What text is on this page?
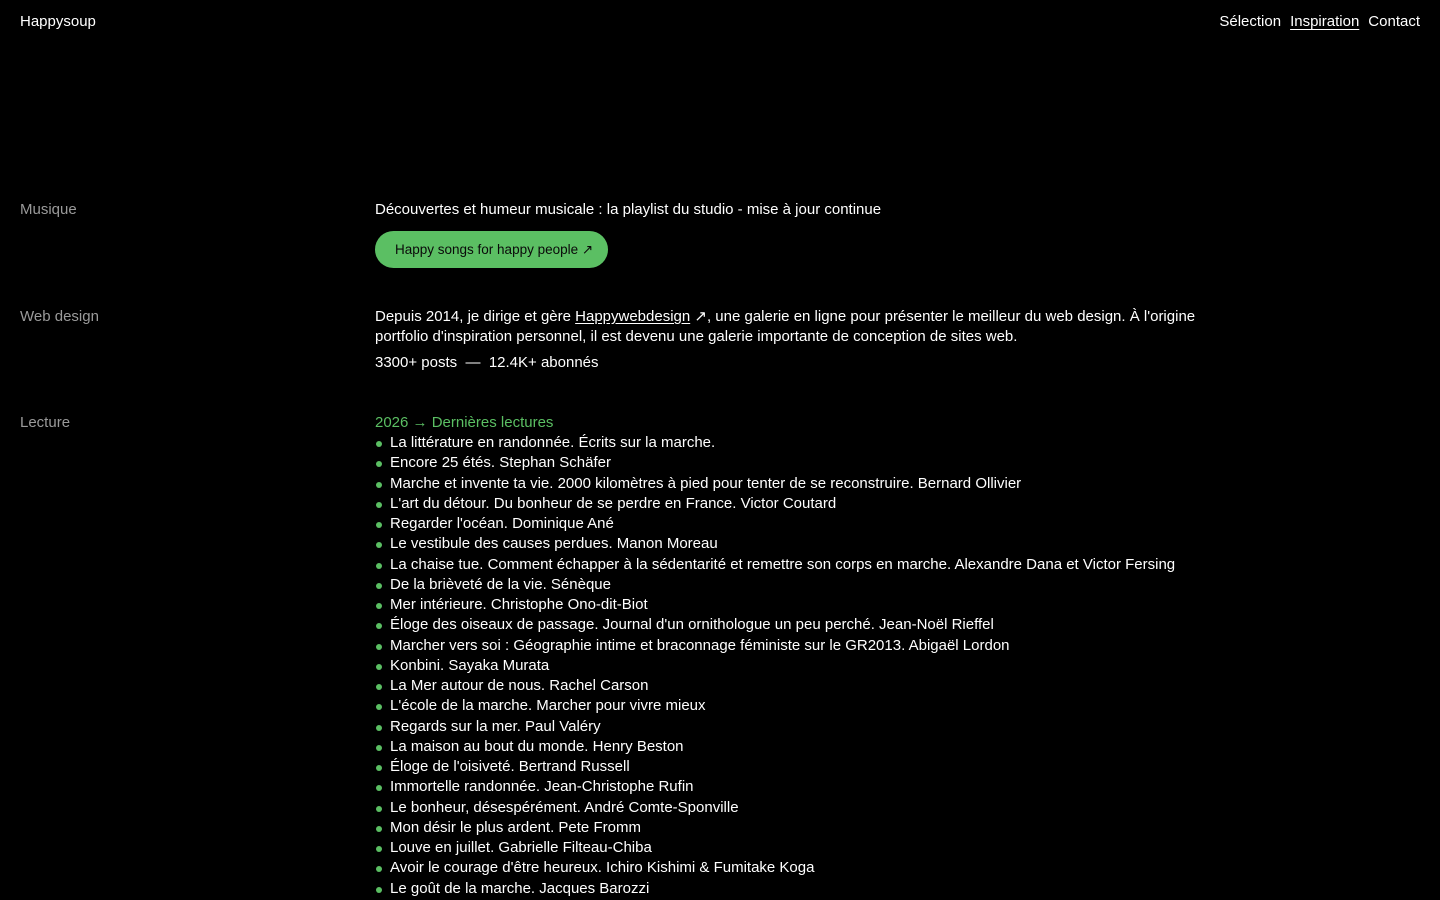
Happysoup	Sélection Inspiration Contact
Musique	Découvertes et humeur musicale : la playlist du studio - mise à jour continue
Happy songs for happy people ↗
Web design	Depuis 2014, je dirige et gère Happywebdesign ↗, une galerie en ligne pour présenter le meilleur du web design. À l'origine portfolio d'inspiration personnel, il est devenu une galerie importante de conception de sites web.
3300+ posts  —  12.4K+ abonnés
Lecture	2026 → Dernières lectures
La littérature en randonnée. Écrits sur la marche.
Encore 25 étés. Stephan Schäfer
Marche et invente ta vie. 2000 kilomètres à pied pour tenter de se reconstruire. Bernard Ollivier
L'art du détour. Du bonheur de se perdre en France. Victor Coutard
Regarder l'océan. Dominique Ané
Le vestibule des causes perdues. Manon Moreau
La chaise tue. Comment échapper à la sédentarité et remettre son corps en marche. Alexandre Dana et Victor Fersing
De la brièveté de la vie. Sénèque
Mer intérieure. Christophe Ono-dit-Biot
Éloge des oiseaux de passage. Journal d'un ornithologue un peu perché. Jean-Noël Rieffel
Marcher vers soi : Géographie intime et braconnage féministe sur le GR2013. Abigaël Lordon
Konbini. Sayaka Murata
La Mer autour de nous. Rachel Carson
L'école de la marche. Marcher pour vivre mieux
Regards sur la mer. Paul Valéry
La maison au bout du monde. Henry Beston
Éloge de l'oisiveté. Bertrand Russell
Immortelle randonnée. Jean-Christophe Rufin
Le bonheur, désespérément. André Comte-Sponville
Mon désir le plus ardent. Pete Fromm
Louve en juillet. Gabrielle Filteau-Chiba
Avoir le courage d'être heureux. Ichiro Kishimi & Fumitake Koga
Le goût de la marche. Jacques Barozzi
